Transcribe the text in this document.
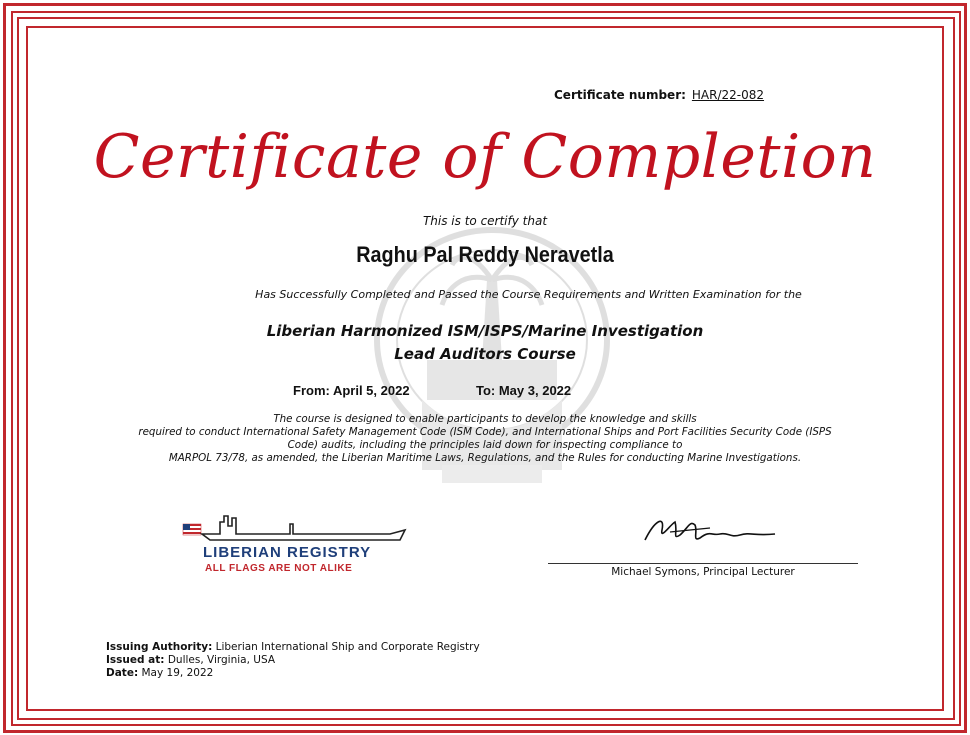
Certificate number: HAR/22-082
Certificate of Completion
This is to certify that
Raghu Pal Reddy Neravetla
Has Successfully Completed and Passed the Course Requirements and Written Examination for the
Liberian Harmonized ISM/ISPS/Marine Investigation
Lead Auditors Course
From: April 5, 2022	To: May 3, 2022
The course is designed to enable participants to develop the knowledge and skills
required to conduct International Safety Management Code (ISM Code), and International Ships and Port Facilities Security Code (ISPS
Code) audits, including the principles laid down for inspecting compliance to
MARPOL 73/78, as amended, the Liberian Maritime Laws, Regulations, and the Rules for conducting Marine Investigations.
LIBERIAN REGISTRY
ALL FLAGS ARE NOT ALIKE	Michael Symons, Principal Lecturer
Issuing Authority: Liberian International Ship and Corporate Registry
Issued at: Dulles, Virginia, USA
Date: May 19, 2022
